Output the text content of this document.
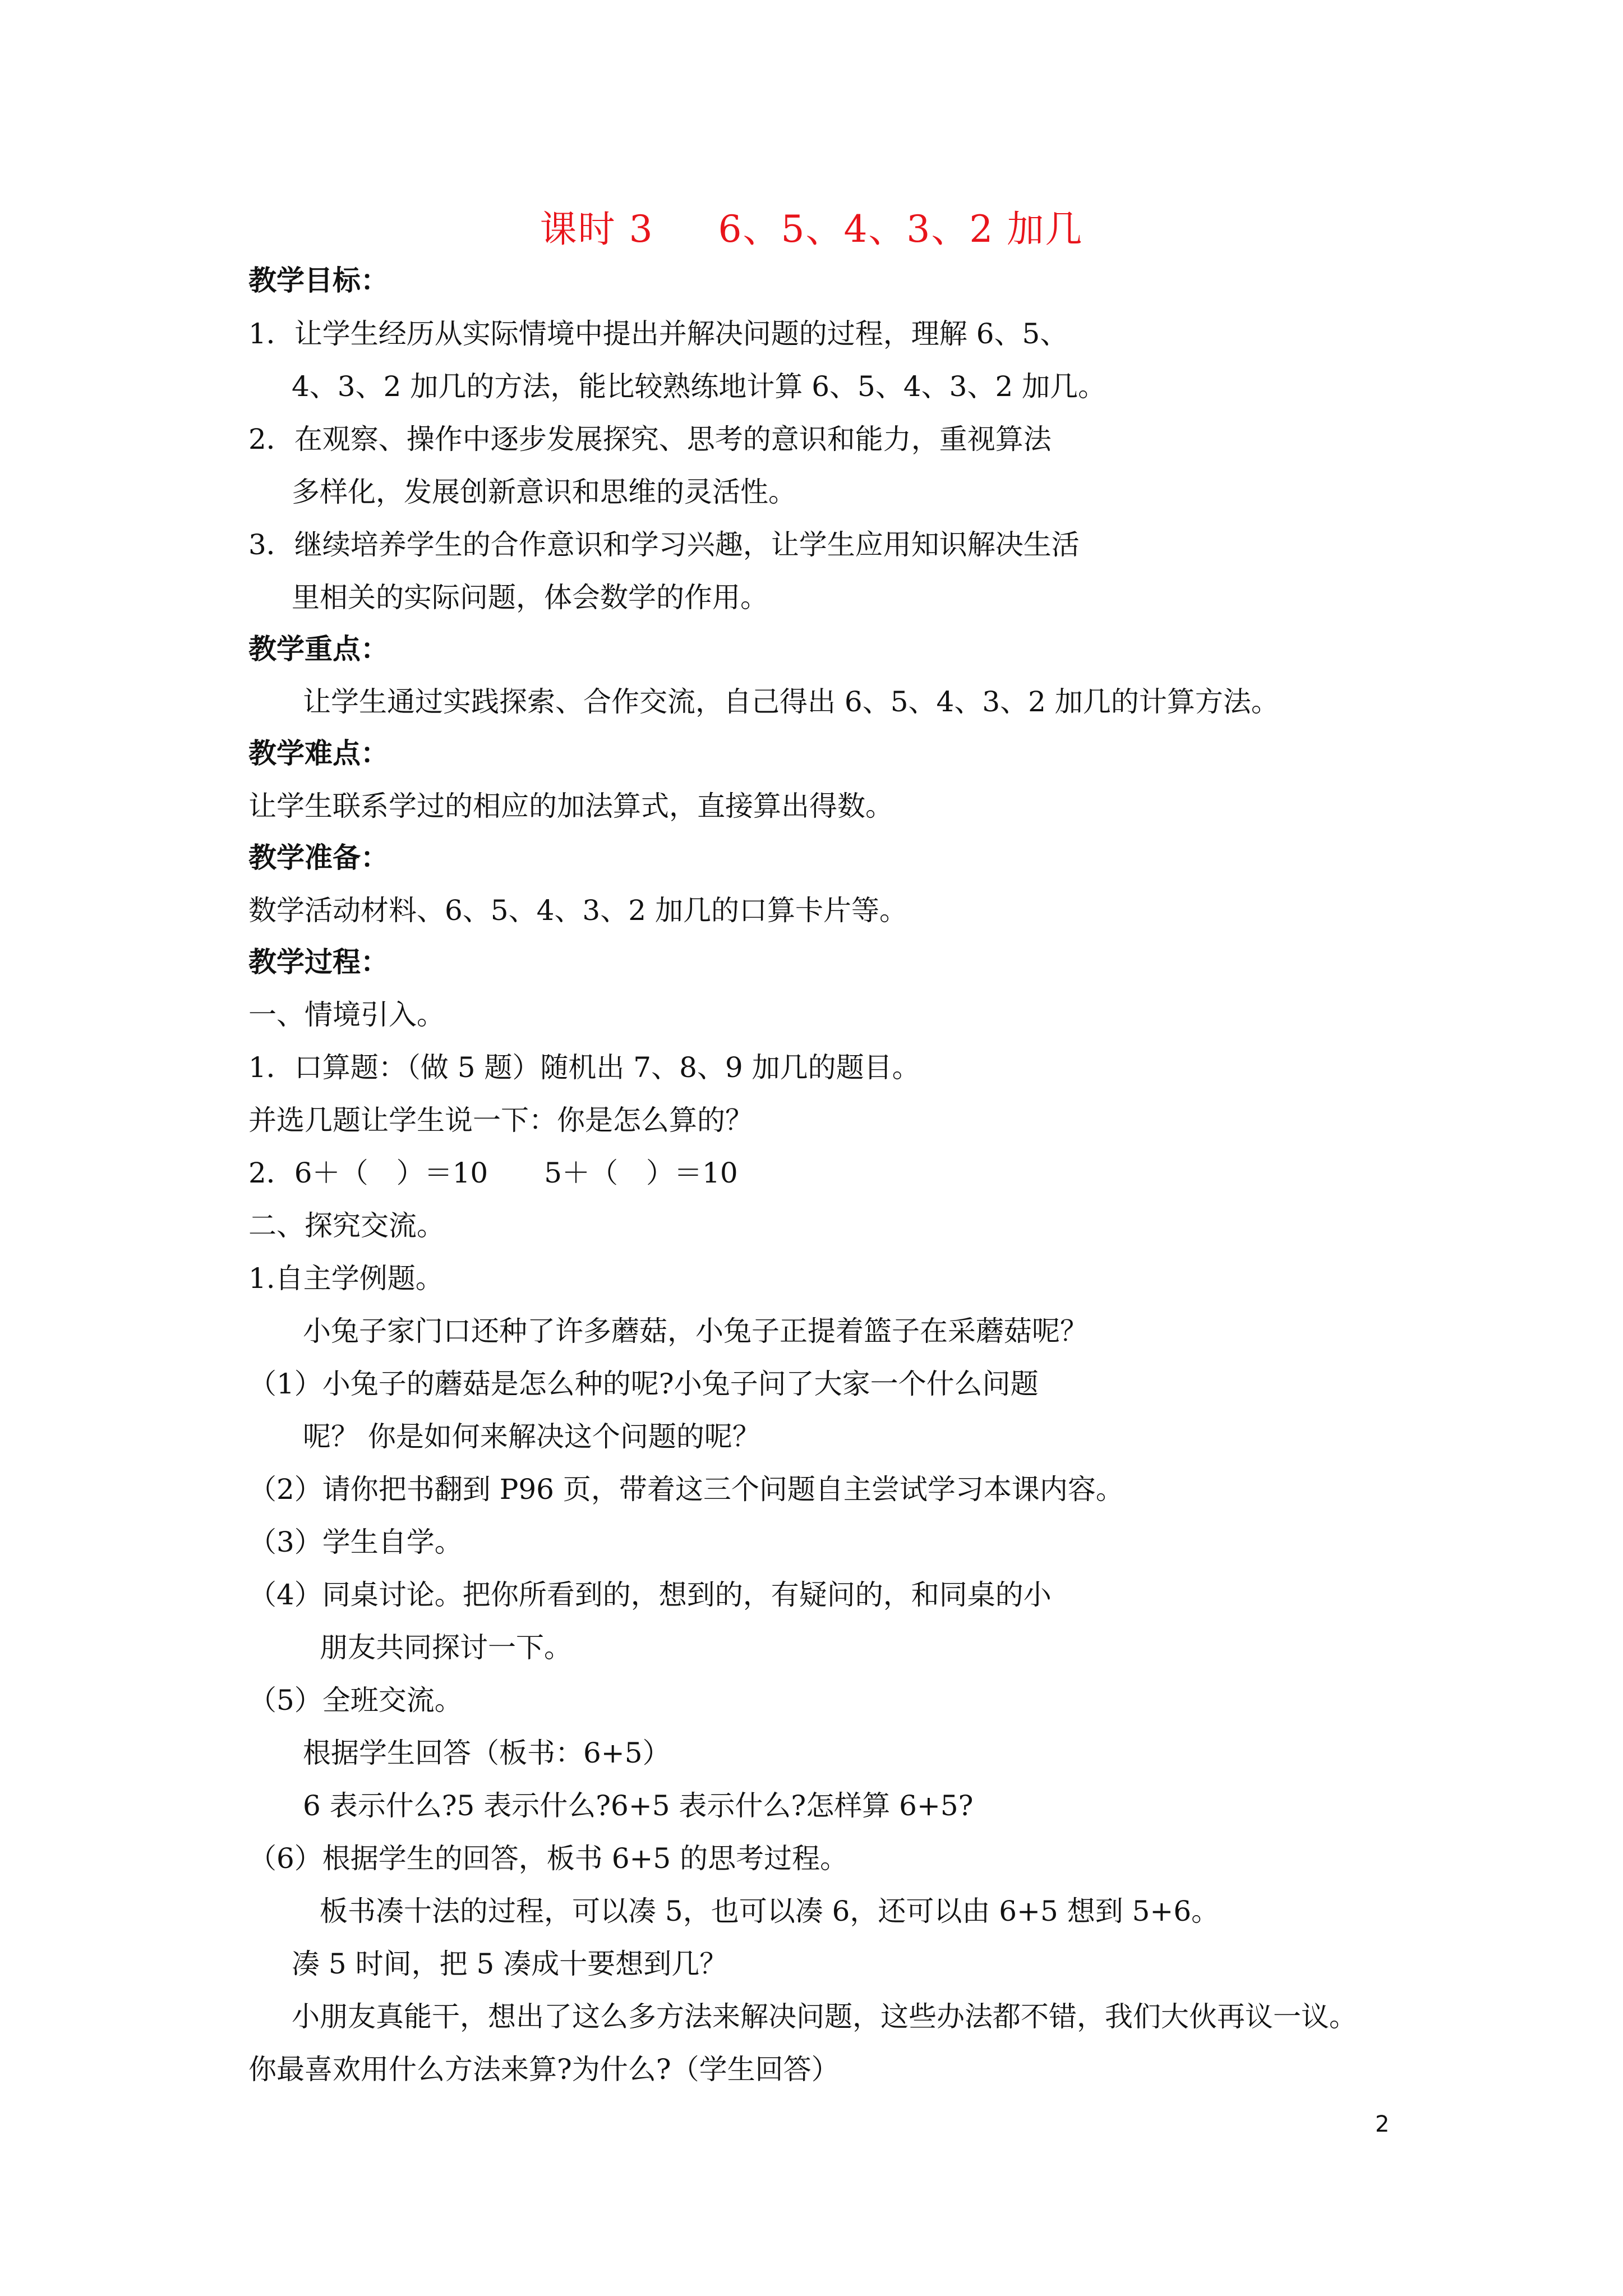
课时 3     6、5、4、3、2 加几
教学目标：
1．让学生经历从实际情境中提出并解决问题的过程，理解 6、5、
4、3、2 加几的方法，能比较熟练地计算 6、5、4、3、2 加几。
2．在观察、操作中逐步发展探究、思考的意识和能力，重视算法
多样化，发展创新意识和思维的灵活性。
3．继续培养学生的合作意识和学习兴趣，让学生应用知识解决生活
里相关的实际问题，体会数学的作用。
教学重点：
让学生通过实践探索、合作交流，自己得出 6、5、4、3、2 加几的计算方法。
教学难点：
让学生联系学过的相应的加法算式，直接算出得数。
教学准备：
数学活动材料、6、5、4、3、2 加几的口算卡片等。
教学过程：
一、情境引入。
1．口算题：（做 5 题）随机出 7、8、9 加几的题目。
并选几题让学生说一下：你是怎么算的？
2．6＋（　）＝10　　5＋（　）＝10
二、探究交流。
1.自主学例题。
小兔子家门口还种了许多蘑菇，小兔子正提着篮子在采蘑菇呢？
（1）小兔子的蘑菇是怎么种的呢?小兔子问了大家一个什么问题
呢？ 你是如何来解决这个问题的呢？
（2）请你把书翻到 P96 页，带着这三个问题自主尝试学习本课内容。
（3）学生自学。
（4）同桌讨论。把你所看到的，想到的，有疑问的，和同桌的小
朋友共同探讨一下。
（5）全班交流。
根据学生回答（板书：6+5）
6 表示什么?5 表示什么?6+5 表示什么?怎样算 6+5?
（6）根据学生的回答，板书 6+5 的思考过程。
板书凑十法的过程，可以凑 5，也可以凑 6，还可以由 6+5 想到 5+6。
凑 5 时间，把 5 凑成十要想到几？
小朋友真能干，想出了这么多方法来解决问题，这些办法都不错，我们大伙再议一议。
你最喜欢用什么方法来算?为什么?（学生回答）
2
